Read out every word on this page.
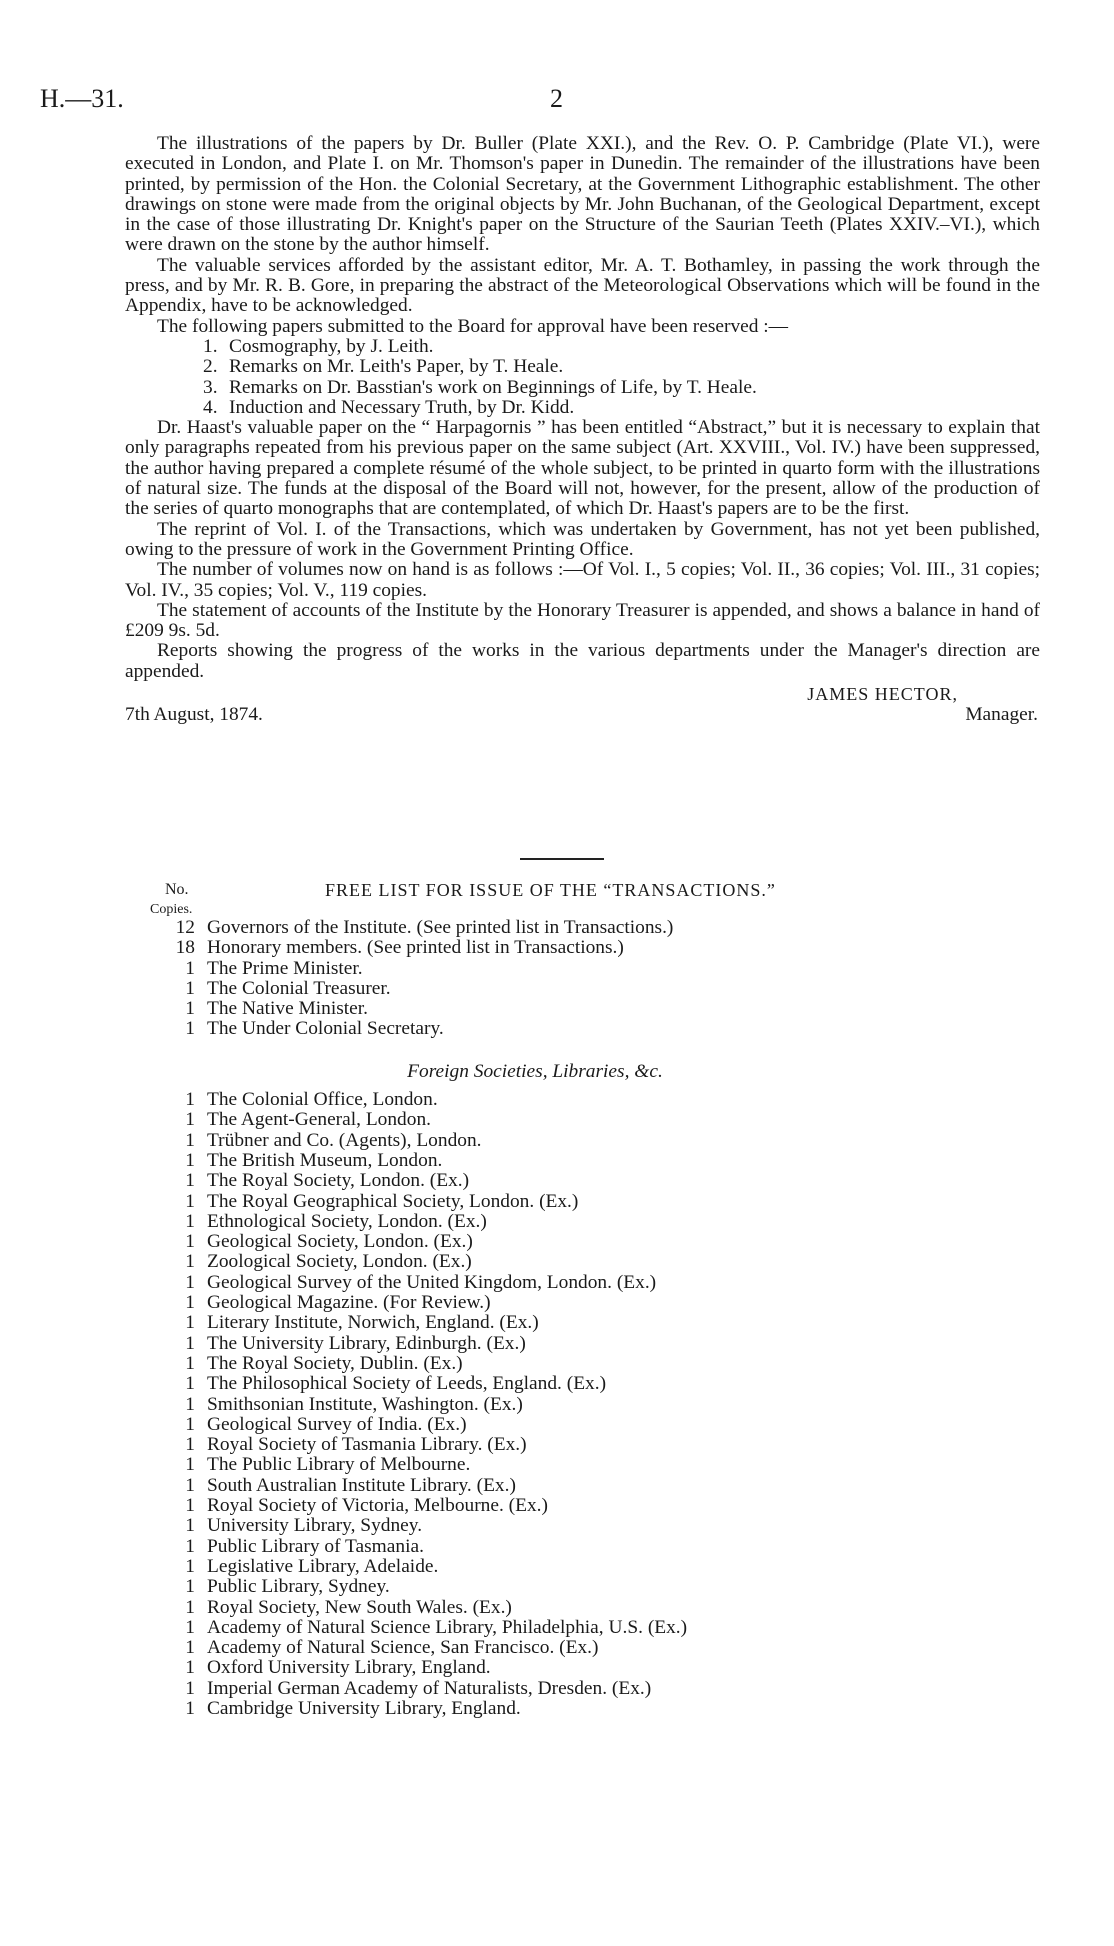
H.—31.	2

The illustrations of the papers by Dr. Buller (Plate XXI.), and the Rev. O. P. Cambridge (Plate VI.), were executed in London, and Plate I. on Mr. Thomson's paper in Dunedin. The remainder of the illustrations have been printed, by permission of the Hon. the Colonial Secretary, at the Government Lithographic establishment. The other drawings on stone were made from the original objects by Mr. John Buchanan, of the Geological Department, except in the case of those illustrating Dr. Knight's paper on the Structure of the Saurian Teeth (Plates XXIV.–VI.), which were drawn on the stone by the author himself.

The valuable services afforded by the assistant editor, Mr. A. T. Bothamley, in passing the work through the press, and by Mr. R. B. Gore, in preparing the abstract of the Meteorological Observations which will be found in the Appendix, have to be acknowledged.

The following papers submitted to the Board for approval have been reserved :—

1. Cosmography, by J. Leith.
2. Remarks on Mr. Leith's Paper, by T. Heale.
3. Remarks on Dr. Basstian's work on Beginnings of Life, by T. Heale.
4. Induction and Necessary Truth, by Dr. Kidd.

Dr. Haast's valuable paper on the “ Harpagornis ” has been entitled “Abstract,” but it is necessary to explain that only paragraphs repeated from his previous paper on the same subject (Art. XXVIII., Vol. IV.) have been suppressed, the author having prepared a complete résumé of the whole subject, to be printed in quarto form with the illustrations of natural size. The funds at the disposal of the Board will not, however, for the present, allow of the production of the series of quarto monographs that are contemplated, of which Dr. Haast's papers are to be the first.

The reprint of Vol. I. of the Transactions, which was undertaken by Government, has not yet been published, owing to the pressure of work in the Government Printing Office.

The number of volumes now on hand is as follows :—Of Vol. I., 5 copies; Vol. II., 36 copies; Vol. III., 31 copies; Vol. IV., 35 copies; Vol. V., 119 copies.

The statement of accounts of the Institute by the Honorary Treasurer is appended, and shows a balance in hand of £209 9s. 5d.

Reports showing the progress of the works in the various departments under the Manager's direction are appended.

JAMES HECTOR,
7th August, 1874.	Manager.
No.	FREE LIST FOR ISSUE OF THE “TRANSACTIONS.”
Copies.
12 Governors of the Institute. (See printed list in Transactions.)
18 Honorary members. (See printed list in Transactions.)
1 The Prime Minister.
1 The Colonial Treasurer.
1 The Native Minister.
1 The Under Colonial Secretary.
Foreign Societies, Libraries, &c.
1 The Colonial Office, London.
1 The Agent-General, London.
1 Trübner and Co. (Agents), London.
1 The British Museum, London.
1 The Royal Society, London. (Ex.)
1 The Royal Geographical Society, London. (Ex.)
1 Ethnological Society, London. (Ex.)
1 Geological Society, London. (Ex.)
1 Zoological Society, London. (Ex.)
1 Geological Survey of the United Kingdom, London. (Ex.)
1 Geological Magazine. (For Review.)
1 Literary Institute, Norwich, England. (Ex.)
1 The University Library, Edinburgh. (Ex.)
1 The Royal Society, Dublin. (Ex.)
1 The Philosophical Society of Leeds, England. (Ex.)
1 Smithsonian Institute, Washington. (Ex.)
1 Geological Survey of India. (Ex.)
1 Royal Society of Tasmania Library. (Ex.)
1 The Public Library of Melbourne.
1 South Australian Institute Library. (Ex.)
1 Royal Society of Victoria, Melbourne. (Ex.)
1 University Library, Sydney.
1 Public Library of Tasmania.
1 Legislative Library, Adelaide.
1 Public Library, Sydney.
1 Royal Society, New South Wales. (Ex.)
1 Academy of Natural Science Library, Philadelphia, U.S. (Ex.)
1 Academy of Natural Science, San Francisco. (Ex.)
1 Oxford University Library, England.
1 Imperial German Academy of Naturalists, Dresden. (Ex.)
1 Cambridge University Library, England.
